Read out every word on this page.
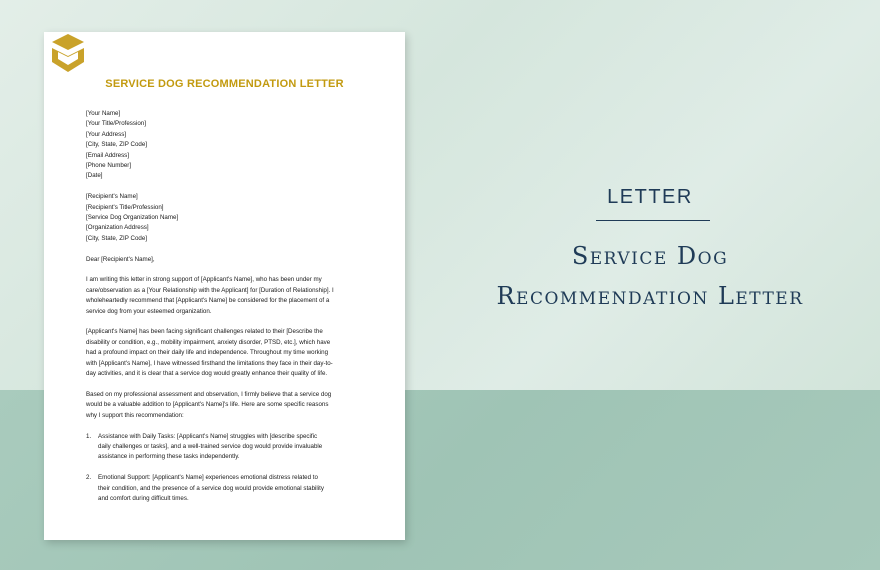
SERVICE DOG RECOMMENDATION LETTER
[Your Name]
[Your Title/Profession]
[Your Address]
[City, State, ZIP Code]
[Email Address]
[Phone Number]
[Date]
[Recipient's Name]
[Recipient's Title/Profession]
[Service Dog Organization Name]
[Organization Address]
[City, State, ZIP Code]
Dear [Recipient's Name],
I am writing this letter in strong support of [Applicant's Name], who has been under my
care/observation as a [Your Relationship with the Applicant] for [Duration of Relationship]. I
wholeheartedly recommend that [Applicant's Name] be considered for the placement of a
service dog from your esteemed organization.
[Applicant's Name] has been facing significant challenges related to their [Describe the
disability or condition, e.g., mobility impairment, anxiety disorder, PTSD, etc.], which have
had a profound impact on their daily life and independence. Throughout my time working
with [Applicant's Name], I have witnessed firsthand the limitations they face in their day-to-
day activities, and it is clear that a service dog would greatly enhance their quality of life.
Based on my professional assessment and observation, I firmly believe that a service dog
would be a valuable addition to [Applicant's Name]'s life. Here are some specific reasons
why I support this recommendation:
1. Assistance with Daily Tasks: [Applicant's Name] struggles with [describe specific
daily challenges or tasks], and a well-trained service dog would provide invaluable
assistance in performing these tasks independently.
2. Emotional Support: [Applicant's Name] experiences emotional distress related to
their condition, and the presence of a service dog would provide emotional stability
and comfort during difficult times.
LETTER
Service Dog
Recommendation Letter
